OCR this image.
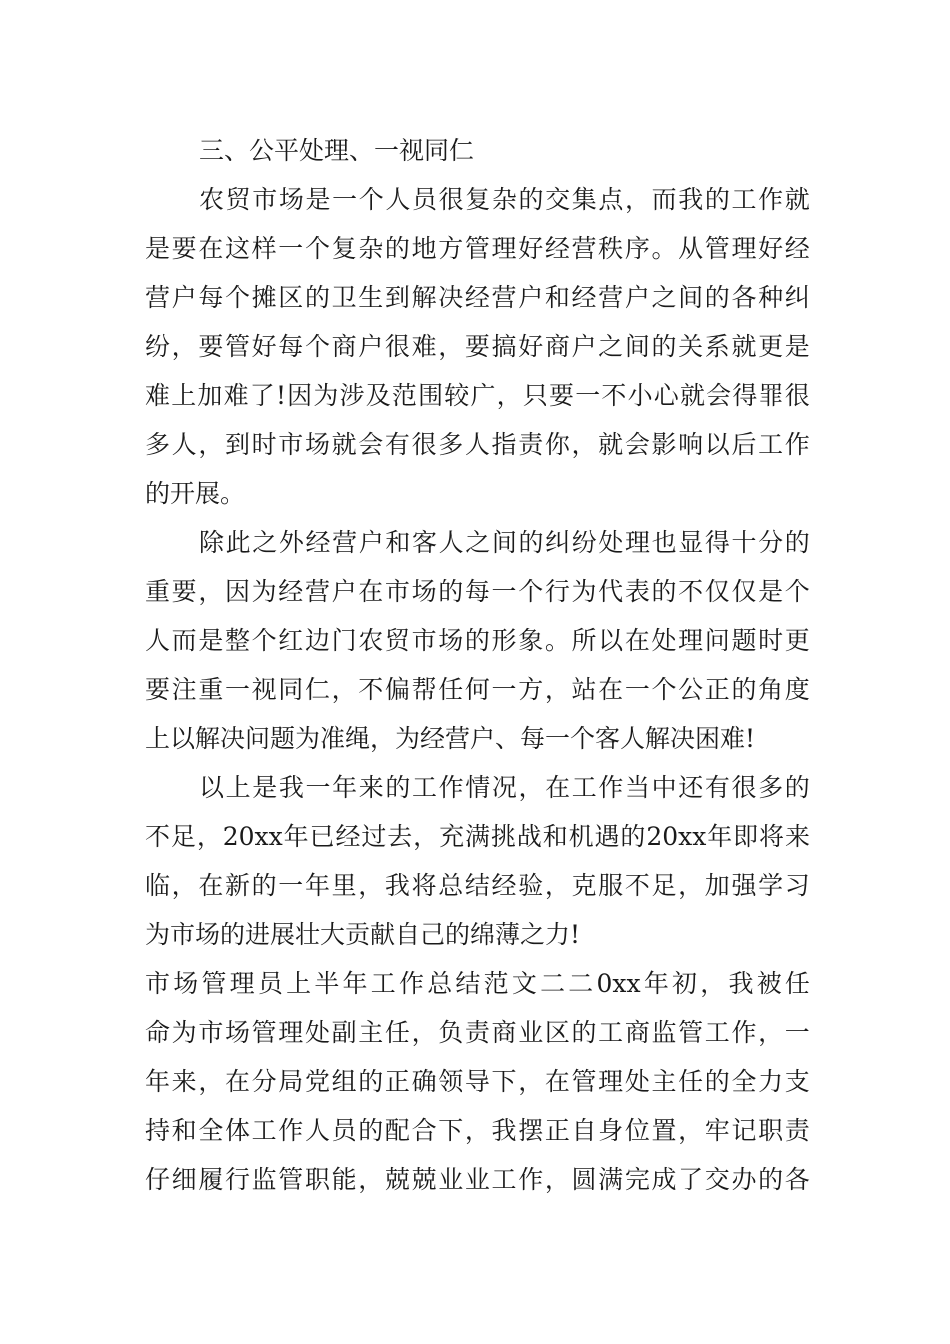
三、公平处理、一视同仁
农 贸 市 场 是 一 个 人 员 很 复 杂 的 交 集 点 ， 而 我 的 工 作 就
是 要 在 这 样 一 个 复 杂 的 地 方 管 理 好 经 营 秩 序 。 从 管 理 好 经
营 户 每 个 摊 区 的 卫 生 到 解 决 经 营 户 和 经 营 户 之 间 的 各 种 纠
纷 ， 要 管 好 每 个 商 户 很 难 ， 要 搞 好 商 户 之 间 的 关 系 就 更 是
难 上 加 难 了 ! 因 为 涉 及 范 围 较 广 ， 只 要 一 不 小 心 就 会 得 罪 很
多 人 ， 到 时 市 场 就 会 有 很 多 人 指 责 你 ， 就 会 影 响 以 后 工 作
的开展。
除 此 之 外 经 营 户 和 客 人 之 间 的 纠 纷 处 理 也 显 得 十 分 的
重 要 ， 因 为 经 营 户 在 市 场 的 每 一 个 行 为 代 表 的 不 仅 仅 是 个
人 而 是 整 个 红 边 门 农 贸 市 场 的 形 象 。 所 以 在 处 理 问 题 时 更
要 注 重 一 视 同 仁 ， 不 偏 帮 任 何 一 方 ， 站 在 一 个 公 正 的 角 度
上以解决问题为准绳，为经营户、每一个客人解决困难!
以 上 是 我 一 年 来 的 工 作 情 况 ， 在 工 作 当 中 还 有 很 多 的
不 足 ， 20xx 年 已 经 过 去 ， 充 满 挑 战 和 机 遇 的 20xx 年 即 将 来
临 ， 在 新 的 一 年 里 ， 我 将 总 结 经 验 ， 克 服 不 足 ， 加 强 学 习
为市场的进展壮大贡献自己的绵薄之力!
市 场 管 理 员 上 半 年 工 作 总 结 范 文 二 二 0xx 年 初 ， 我 被 任
命 为 市 场 管 理 处 副 主 任 ， 负 责 商 业 区 的 工 商 监 管 工 作 ， 一
年 来 ， 在 分 局 党 组 的 正 确 领 导 下 ， 在 管 理 处 主 任 的 全 力 支
持 和 全 体 工 作 人 员 的 配 合 下 ， 我 摆 正 自 身 位 置 ， 牢 记 职 责
仔 细 履 行 监 管 职 能 ， 兢 兢 业 业 工 作 ， 圆 满 完 成 了 交 办 的 各
